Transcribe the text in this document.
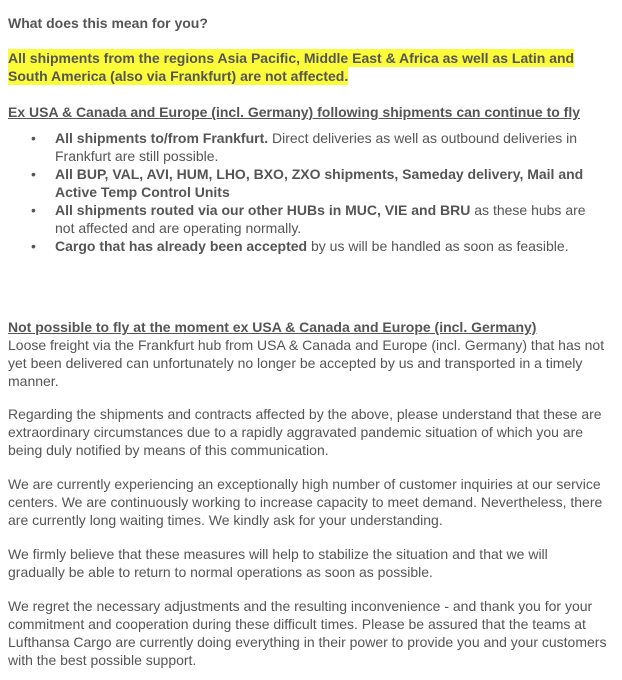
What does this mean for you?
All shipments from the regions Asia Pacific, Middle East & Africa as well as Latin and
South America (also via Frankfurt) are not affected.
Ex USA & Canada and Europe (incl. Germany) following shipments can continue to fly
• All shipments to/from Frankfurt. Direct deliveries as well as outbound deliveries in Frankfurt are still possible.
• All BUP, VAL, AVI, HUM, LHO, BXO, ZXO shipments, Sameday delivery, Mail and Active Temp Control Units
• All shipments routed via our other HUBs in MUC, VIE and BRU as these hubs are not affected and are operating normally.
• Cargo that has already been accepted by us will be handled as soon as feasible.
Not possible to fly at the moment ex USA & Canada and Europe (incl. Germany)

Loose freight via the Frankfurt hub from USA & Canada and Europe (incl. Germany) that has not yet been delivered can unfortunately no longer be accepted by us and transported in a timely manner.

Regarding the shipments and contracts affected by the above, please understand that these are extraordinary circumstances due to a rapidly aggravated pandemic situation of which you are being duly notified by means of this communication.

We are currently experiencing an exceptionally high number of customer inquiries at our service centers. We are continuously working to increase capacity to meet demand. Nevertheless, there are currently long waiting times. We kindly ask for your understanding.

We firmly believe that these measures will help to stabilize the situation and that we will gradually be able to return to normal operations as soon as possible.

We regret the necessary adjustments and the resulting inconvenience - and thank you for your commitment and cooperation during these difficult times. Please be assured that the teams at Lufthansa Cargo are currently doing everything in their power to provide you and your customers with the best possible support.
